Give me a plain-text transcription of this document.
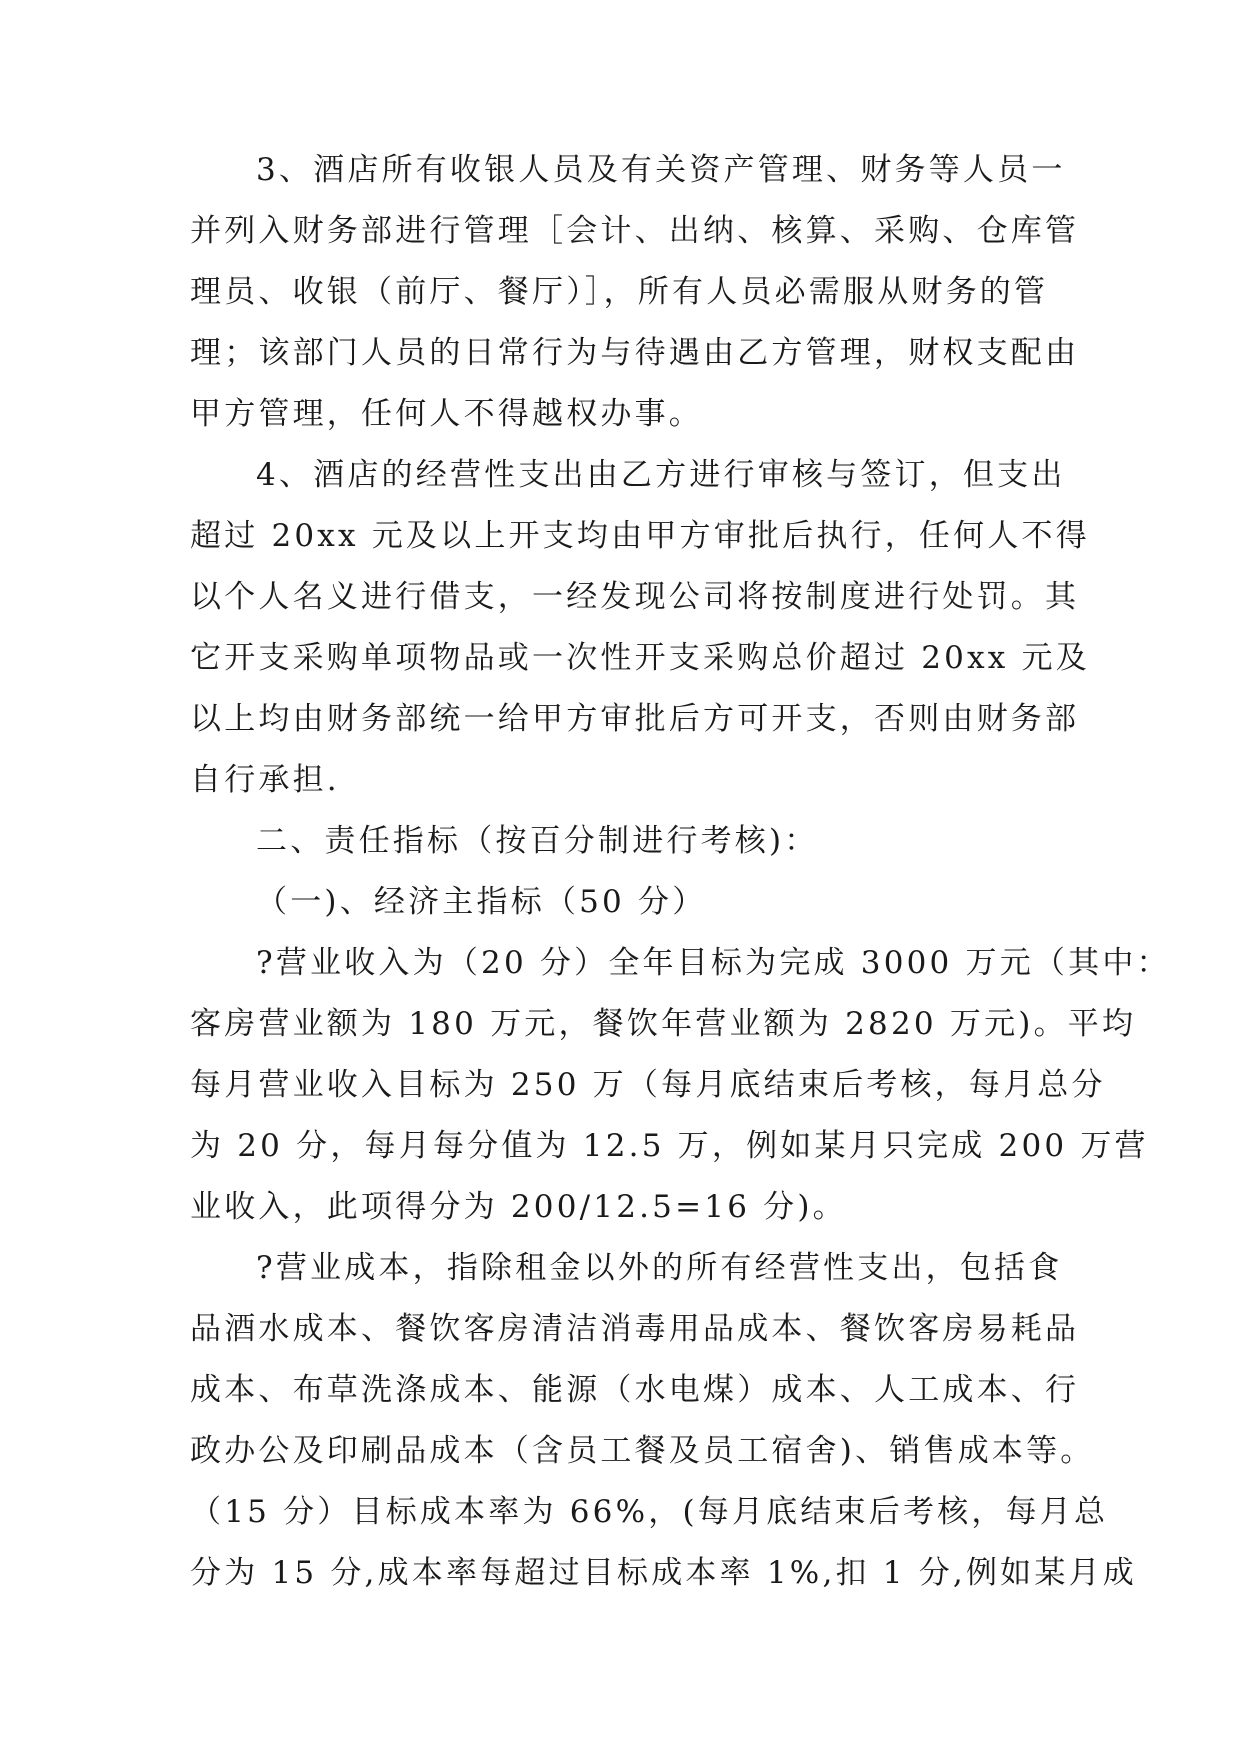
3、酒店所有收银人员及有关资产管理、财务等人员一
并列入财务部进行管理［会计、出纳、核算、采购、仓库管
理员、收银（前厅、餐厅）］，所有人员必需服从财务的管
理；该部门人员的日常行为与待遇由乙方管理，财权支配由
甲方管理，任何人不得越权办事。
4、酒店的经营性支出由乙方进行审核与签订，但支出
超过 20xx 元及以上开支均由甲方审批后执行，任何人不得
以个人名义进行借支，一经发现公司将按制度进行处罚。其
它开支采购单项物品或一次性开支采购总价超过 20xx 元及
以上均由财务部统一给甲方审批后方可开支，否则由财务部
自行承担.
二、责任指标（按百分制进行考核)：
（一)、经济主指标（50 分）
?营业收入为（20 分）全年目标为完成 3000 万元（其中：
客房营业额为 180 万元，餐饮年营业额为 2820 万元)。平均
每月营业收入目标为 250 万（每月底结束后考核，每月总分
为 20 分，每月每分值为 12.5 万，例如某月只完成 200 万营
业收入，此项得分为 200/12.5=16 分)。
?营业成本，指除租金以外的所有经营性支出，包括食
品酒水成本、餐饮客房清洁消毒用品成本、餐饮客房易耗品
成本、布草洗涤成本、能源（水电煤）成本、人工成本、行
政办公及印刷品成本（含员工餐及员工宿舍)、销售成本等。
（15 分）目标成本率为 66%，(每月底结束后考核，每月总
分为 15 分,成本率每超过目标成本率 1%,扣 1 分,例如某月成
